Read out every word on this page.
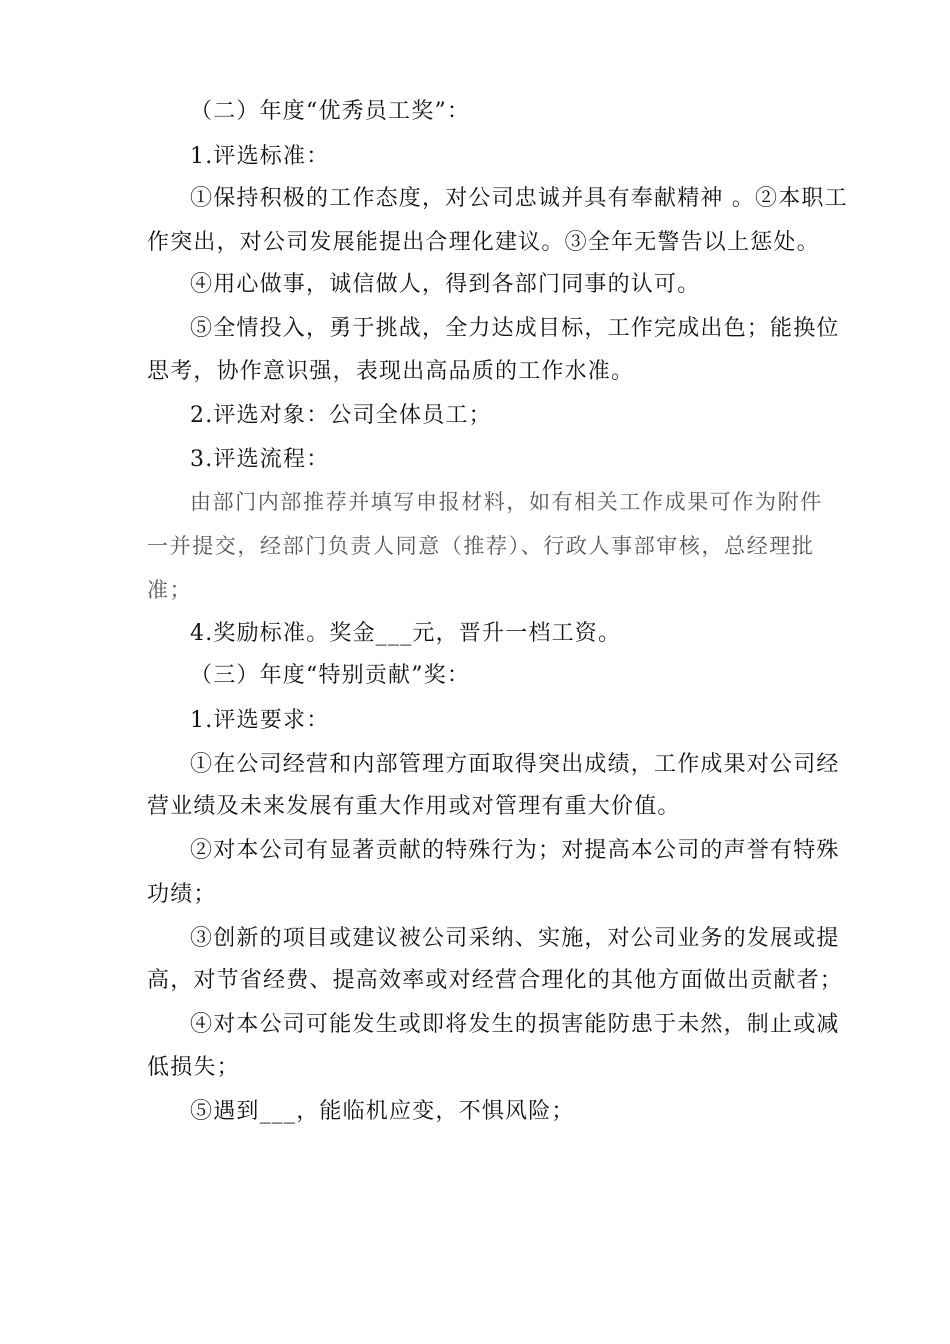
（二）年度“优秀员工奖”：
1.评选标准：
①保持积极的工作态度，对公司忠诚并具有奉献精神 。②本职工
作突出，对公司发展能提出合理化建议。③全年无警告以上惩处。
④用心做事，诚信做人，得到各部门同事的认可。
⑤全情投入，勇于挑战，全力达成目标，工作完成出色；能换位
思考，协作意识强，表现出高品质的工作水准。
2.评选对象：公司全体员工；
3.评选流程：
由部门内部推荐并填写申报材料，如有相关工作成果可作为附件
一并提交，经部门负责人同意（推荐）、行政人事部审核，总经理批
准；
4.奖励标准。奖金___元，晋升一档工资。
（三）年度“特别贡献”奖：
1.评选要求：
①在公司经营和内部管理方面取得突出成绩，工作成果对公司经
营业绩及未来发展有重大作用或对管理有重大价值。
②对本公司有显著贡献的特殊行为；对提高本公司的声誉有特殊
功绩；
③创新的项目或建议被公司采纳、实施，对公司业务的发展或提
高，对节省经费、提高效率或对经营合理化的其他方面做出贡献者；
④对本公司可能发生或即将发生的损害能防患于未然，制止或减
低损失；
⑤遇到___，能临机应变，不惧风险；
